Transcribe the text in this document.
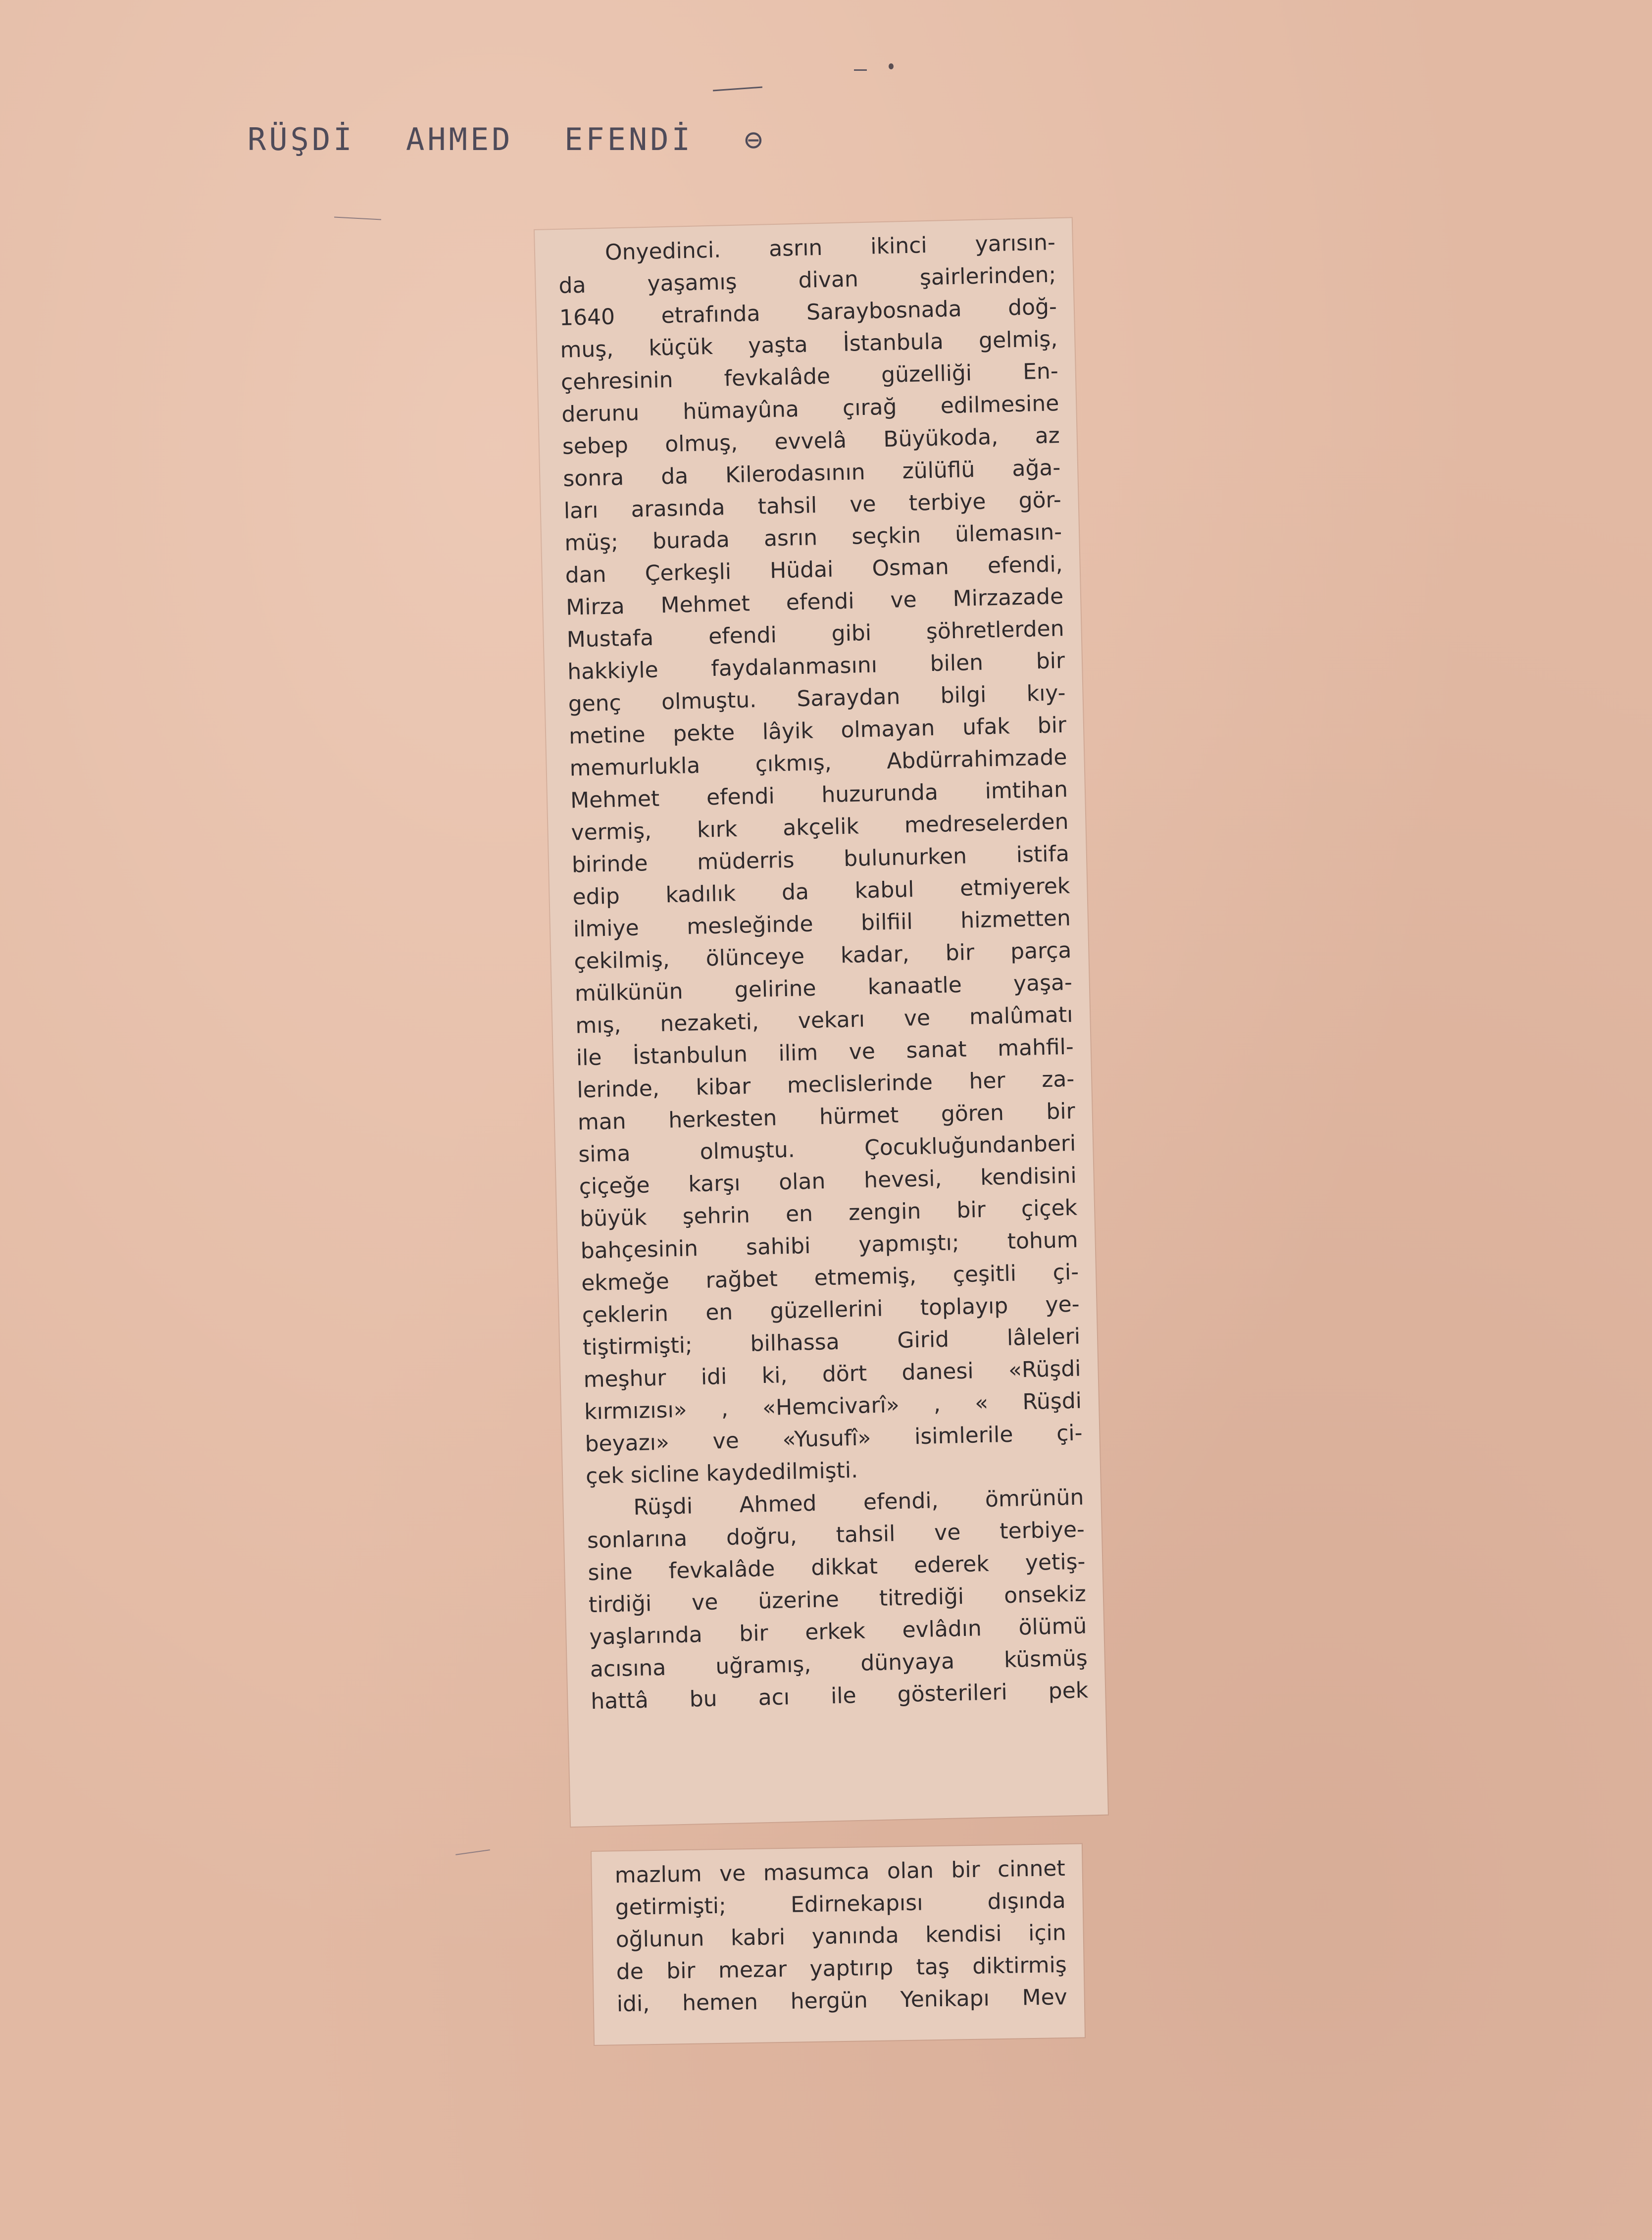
RÜŞDİ AHMED EFENDİ ⊖
Onyedinci. asrın ikinci yarısın-
da yaşamış divan şairlerinden;
1640 etrafında Saraybosnada doğ-
muş, küçük yaşta İstanbula gelmiş,
çehresinin fevkalâde güzelliği En-
derunu hümayûna çırağ edilmesine
sebep olmuş, evvelâ Büyükoda, az
sonra da Kilerodasının zülüflü ağa-
ları arasında tahsil ve terbiye gör-
müş; burada asrın seçkin ülemasın-
dan Çerkeşli Hüdai Osman efendi,
Mirza Mehmet efendi ve Mirzazade
Mustafa efendi gibi şöhretlerden
hakkiyle faydalanmasını bilen bir
genç olmuştu. Saraydan bilgi kıy-
metine pekte lâyik olmayan ufak bir
memurlukla çıkmış, Abdürrahimzade
Mehmet efendi huzurunda imtihan
vermiş, kırk akçelik medreselerden
birinde müderris bulunurken istifa
edip kadılık da kabul etmiyerek
ilmiye mesleğinde bilfiil hizmetten
çekilmiş, ölünceye kadar, bir parça
mülkünün gelirine kanaatle yaşa-
mış, nezaketi, vekarı ve malûmatı
ile İstanbulun ilim ve sanat mahfil-
lerinde, kibar meclislerinde her za-
man herkesten hürmet gören bir
sima olmuştu. Çocukluğundanberi
çiçeğe karşı olan hevesi, kendisini
büyük şehrin en zengin bir çiçek
bahçesinin sahibi yapmıştı; tohum
ekmeğe rağbet etmemiş, çeşitli çi-
çeklerin en güzellerini toplayıp ye-
tiştirmişti; bilhassa Girid lâleleri
meşhur idi ki, dört danesi «Rüşdi
kırmızısı» , «Hemcivarî» , « Rüşdi
beyazı» ve «Yusufî» isimlerile çi-
çek sicline kaydedilmişti.
Rüşdi Ahmed efendi, ömrünün
sonlarına doğru, tahsil ve terbiye-
sine fevkalâde dikkat ederek yetiş-
tirdiği ve üzerine titrediği onsekiz
yaşlarında bir erkek evlâdın ölümü
acısına uğramış, dünyaya küsmüş
hattâ bu acı ile gösterileri pek
mazlum ve masumca olan bir cinnet
getirmişti; Edirnekapısı dışında
oğlunun kabri yanında kendisi için
de bir mezar yaptırıp taş diktirmiş
idi, hemen hergün Yenikapı Mev
